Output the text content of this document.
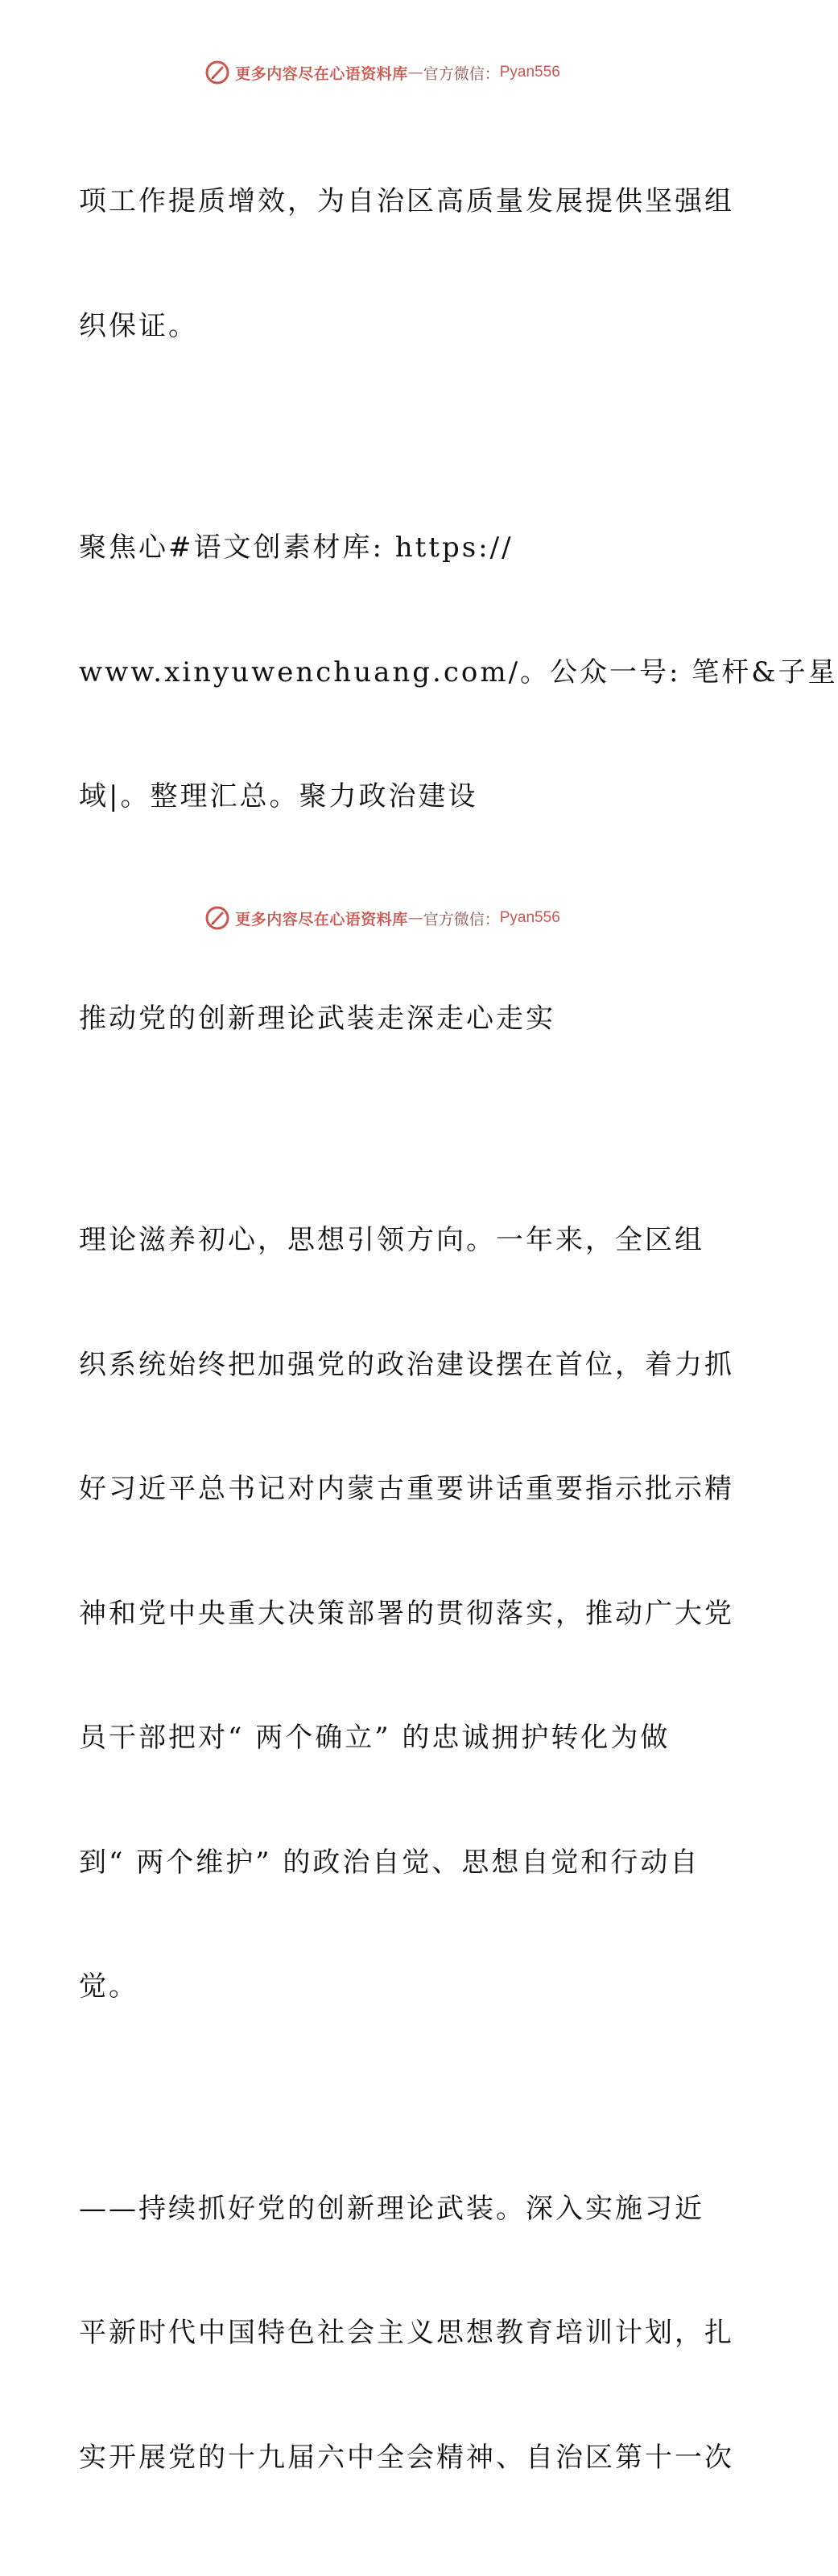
更多内容尽在心语资料库 — 官方微信： Pyan556

项工作提质增效，为自治区高质量发展提供坚强组

织保证。

聚焦心#语文创素材库: https://

www.xinyuwenchuang.com/。公众一号: 笔杆&子星

域|。整理汇总。聚力政治建设

推动党的创新理论武装走深走心走实

理论滋养初心，思想引领方向。一年来，全区组

织系统始终把加强党的政治建设摆在首位，着力抓

好习近平总书记对内蒙古重要讲话重要指示批示精

神和党中央重大决策部署的贯彻落实，推动广大党

员干部把对“ 两个确立” 的忠诚拥护转化为做

到“ 两个维护” 的政治自觉、思想自觉和行动自

觉。

——持续抓好党的创新理论武装。深入实施习近

平新时代中国特色社会主义思想教育培训计划，扎

实开展党的十九届六中全会精神、自治区第十一次

更多内容尽在心语资料库 — 官方微信： Pyan556
